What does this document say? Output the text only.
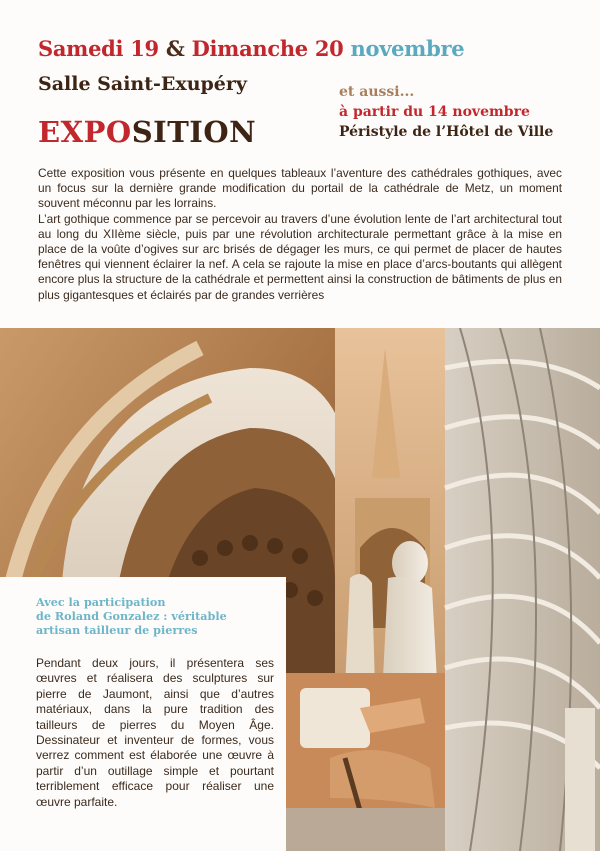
Samedi 19 & Dimanche 20 novembre
Salle Saint-Exupéry
EXPOSITION
et aussi...
à partir du 14 novembre
Péristyle de l’Hôtel de Ville

Cette exposition vous présente en quelques tableaux l’aventure des cathédrales gothiques, avec un focus sur la dernière grande modification du portail de la cathédrale de Metz, un moment souvent méconnu par les lorrains.

L’art gothique commence par se percevoir au travers d’une évolution lente de l’art architectural tout au long du XIIème siècle, puis par une révolution architecturale permettant grâce à la mise en place de la voûte d’ogives sur arc brisés de dégager les murs, ce qui permet de placer de hautes fenêtres qui viennent éclairer la nef. A cela se rajoute la mise en place d’arcs-boutants qui allègent encore plus la structure de la cathédrale et permettent ainsi la construction de bâtiments de plus en plus gigantesques et éclairés par de grandes verrières

Avec la participation
de Roland Gonzalez : véritable
artisan tailleur de pierres

Pendant deux jours, il présentera ses œuvres et réalisera des sculptures sur pierre de Jaumont, ainsi que d’autres matériaux, dans la pure tradition des tailleurs de pierres du Moyen Âge. Dessinateur et inventeur de formes, vous verrez comment est élaborée une œuvre à partir d’un outillage simple et pourtant terriblement efficace pour réaliser une œuvre parfaite.
